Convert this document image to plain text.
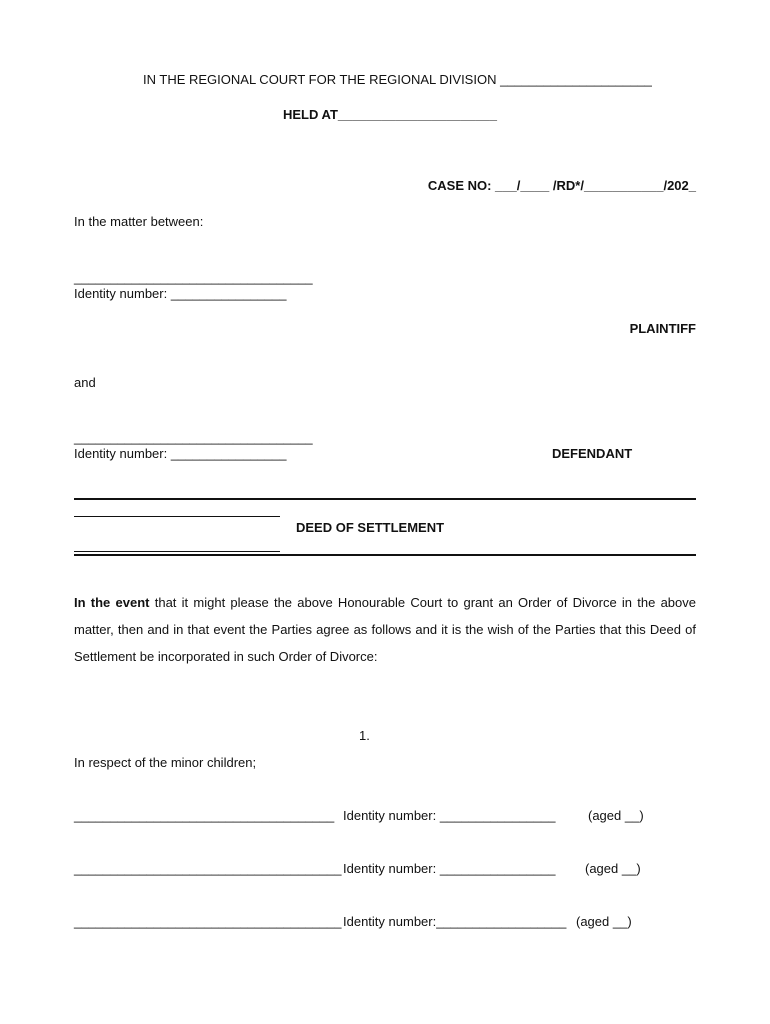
IN THE REGIONAL COURT FOR THE REGIONAL DIVISION _____________________
HELD AT______________________
CASE NO: ___/____ /RD*/___________/202_
In the matter between:
_________________________________
Identity number: ________________
PLAINTIFF
and
_________________________________
Identity number: ________________	DEFENDANT
DEED OF SETTLEMENT
In the event that it might please the above Honourable Court to grant an Order of Divorce in the above matter, then and in that event the Parties agree as follows and it is the wish of the Parties that this Deed of Settlement be incorporated in such Order of Divorce:
1.
In respect of the minor children;
____________________________________ Identity number: ________________ (aged __)
_____________________________________ Identity number: ________________ (aged __)
_____________________________________ Identity number:__________________ (aged __)
